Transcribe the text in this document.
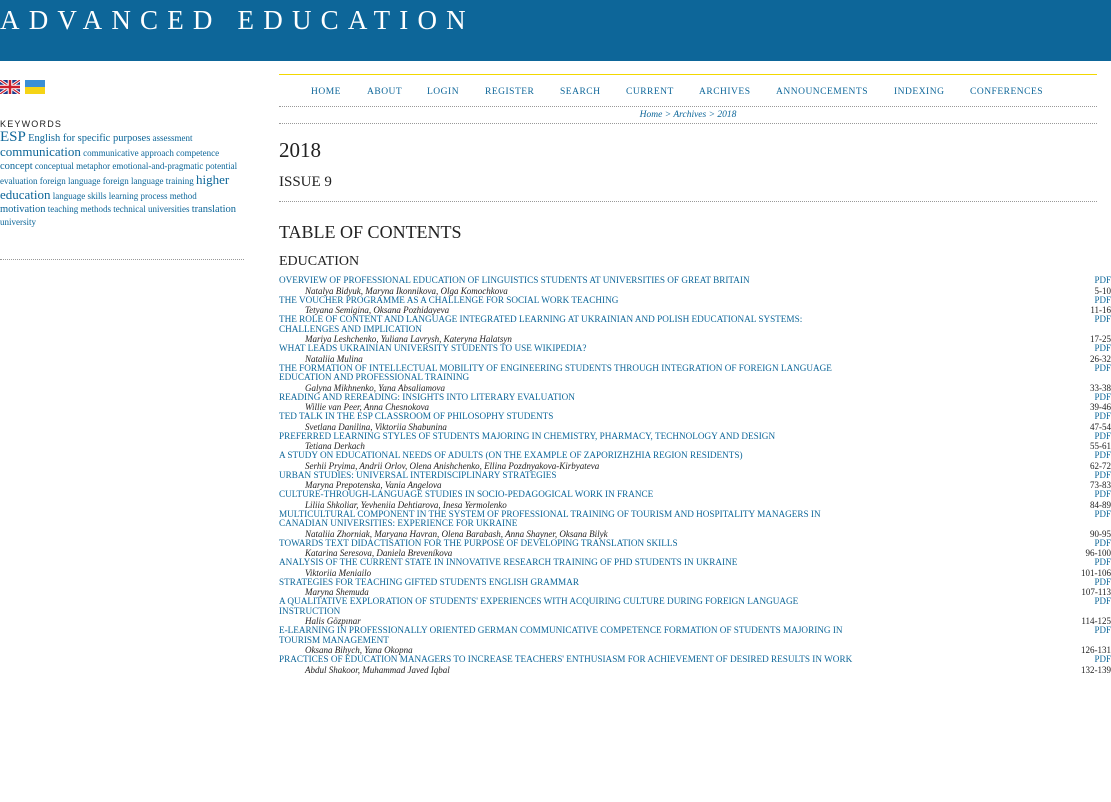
ADVANCED EDUCATION
KEYWORDS
ESP English for specific purposes assessment communication communicative approach competence concept conceptual metaphor emotional-and-pragmatic potential evaluation foreign language foreign language training higher education language skills learning process method motivation teaching methods technical universities translation university
HOME	ABOUT	LOGIN	REGISTER	SEARCH	CURRENT	ARCHIVES	ANNOUNCEMENTS	INDEXING	CONFERENCES
Home > Archives > 2018
2018
ISSUE 9
TABLE OF CONTENTS
EDUCATION
OVERVIEW OF PROFESSIONAL EDUCATION OF LINGUISTICS STUDENTS AT UNIVERSITIES OF GREAT BRITAIN	PDF
Natalya Bidyuk, Maryna Ikonnikova, Olga Komochkova	5-10
THE VOUCHER PROGRAMME AS A CHALLENGE FOR SOCIAL WORK TEACHING	PDF
Tetyana Semigina, Oksana Pozhidayeva	11-16
THE ROLE OF CONTENT AND LANGUAGE INTEGRATED LEARNING AT UKRAINIAN AND POLISH EDUCATIONAL SYSTEMS: CHALLENGES AND IMPLICATION
PDF
Mariya Leshchenko, Yuliana Lavrysh, Kateryna Halatsyn	17-25
WHAT LEADS UKRAINIAN UNIVERSITY STUDENTS TO USE WIKIPEDIA?	PDF
Nataliia Mulina	26-32
THE FORMATION OF INTELLECTUAL MOBILITY OF ENGINEERING STUDENTS THROUGH INTEGRATION OF FOREIGN LANGUAGE EDUCATION AND PROFESSIONAL TRAINING
PDF
Galyna Mikhnenko, Yana Absaliamova	33-38
READING AND REREADING: INSIGHTS INTO LITERARY EVALUATION	PDF
Willie van Peer, Anna Chesnokova	39-46
TED TALK IN THE ESP CLASSROOM OF PHILOSOPHY STUDENTS	PDF
Svetlana Danilina, Viktoriia Shabunina	47-54
PREFERRED LEARNING STYLES OF STUDENTS MAJORING IN CHEMISTRY, PHARMACY, TECHNOLOGY AND DESIGN	PDF
Tetiana Derkach	55-61
A STUDY ON EDUCATIONAL NEEDS OF ADULTS (ON THE EXAMPLE OF ZAPORIZHZHIA REGION RESIDENTS)	PDF
Serhii Pryima, Andrii Orlov, Olena Anishchenko, Ellina Pozdnyakova-Kirbyateva	62-72
URBAN STUDIES: UNIVERSAL INTERDISCIPLINARY STRATEGIES	PDF
Maryna Prepotenska, Vania Angelova	73-83
CULTURE-THROUGH-LANGUAGE STUDIES IN SOCIO-PEDAGOGICAL WORK IN FRANCE	PDF
Liliia Shkoliar, Yevheniia Dehtiarova, Inesa Yermolenko	84-89
MULTICULTURAL COMPONENT IN THE SYSTEM OF PROFESSIONAL TRAINING OF TOURISM AND HOSPITALITY MANAGERS IN CANADIAN UNIVERSITIES: EXPERIENCE FOR UKRAINE
PDF
Nataliia Zhorniak, Maryana Havran, Olena Barabash, Anna Shayner, Oksana Bilyk	90-95
TOWARDS TEXT DIDACTISATION FOR THE PURPOSE OF DEVELOPING TRANSLATION SKILLS	PDF
Katarina Seresova, Daniela Breveníkova	96-100
ANALYSIS OF THE CURRENT STATE IN INNOVATIVE RESEARCH TRAINING OF PHD STUDENTS IN UKRAINE	PDF
Viktoriia Meniailo	101-106
STRATEGIES FOR TEACHING GIFTED STUDENTS ENGLISH GRAMMAR	PDF
Maryna Shemuda	107-113
A QUALITATIVE EXPLORATION OF STUDENTS' EXPERIENCES WITH ACQUIRING CULTURE DURING FOREIGN LANGUAGE INSTRUCTION
PDF
Halis Gözpınar	114-125
E-LEARNING IN PROFESSIONALLY ORIENTED GERMAN COMMUNICATIVE COMPETENCE FORMATION OF STUDENTS MAJORING IN TOURISM MANAGEMENT
PDF
Oksana Bihych, Yana Okopna	126-131
PRACTICES OF EDUCATION MANAGERS TO INCREASE TEACHERS' ENTHUSIASM FOR ACHIEVEMENT OF DESIRED RESULTS IN WORK	PDF
Abdul Shakoor, Muhammad Javed Iqbal	132-139
